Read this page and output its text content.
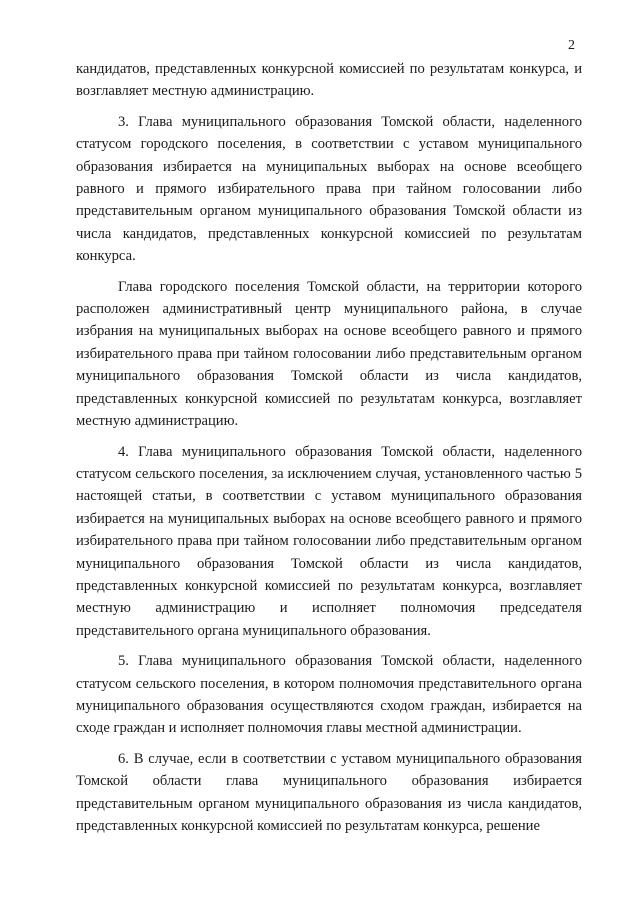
2

кандидатов, представленных конкурсной комиссией по результатам конкурса, и возглавляет местную администрацию.

3. Глава муниципального образования Томской области, наделенного статусом городского поселения, в соответствии с уставом муниципального образования избирается на муниципальных выборах на основе всеобщего равного и прямого избирательного права при тайном голосовании либо представительным органом муниципального образования Томской области из числа кандидатов, представленных конкурсной комиссией по результатам конкурса.

Глава городского поселения Томской области, на территории которого расположен административный центр муниципального района, в случае избрания на муниципальных выборах на основе всеобщего равного и прямого избирательного права при тайном голосовании либо представительным органом муниципального образования Томской области из числа кандидатов, представленных конкурсной комиссией по результатам конкурса, возглавляет местную администрацию.

4. Глава муниципального образования Томской области, наделенного статусом сельского поселения, за исключением случая, установленного частью 5 настоящей статьи, в соответствии с уставом муниципального образования избирается на муниципальных выборах на основе всеобщего равного и прямого избирательного права при тайном голосовании либо представительным органом муниципального образования Томской области из числа кандидатов, представленных конкурсной комиссией по результатам конкурса, возглавляет местную администрацию и исполняет полномочия председателя представительного органа муниципального образования.

5. Глава муниципального образования Томской области, наделенного статусом сельского поселения, в котором полномочия представительного органа муниципального образования осуществляются сходом граждан, избирается на сходе граждан и исполняет полномочия главы местной администрации.

6. В случае, если в соответствии с уставом муниципального образования Томской области глава муниципального образования избирается представительным органом муниципального образования из числа кандидатов, представленных конкурсной комиссией по результатам конкурса, решение
